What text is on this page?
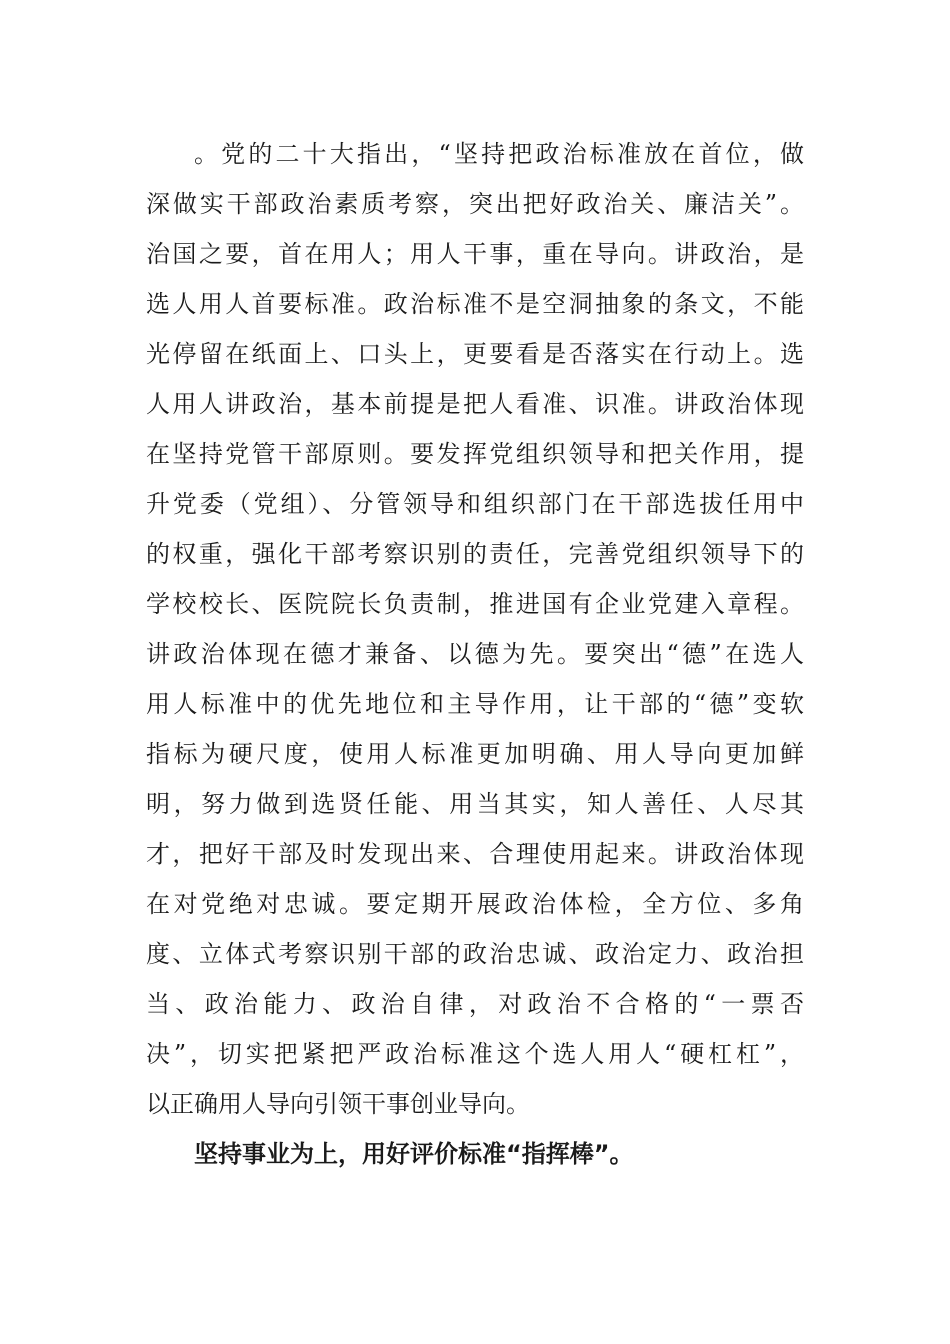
。党的二十大指出，“坚持把政治标准放在首位，做
深做实干部政治素质考察，突出把好政治关、廉洁关”。
治国之要，首在用人；用人干事，重在导向。讲政治，是
选人用人首要标准。政治标准不是空洞抽象的条文，不能
光停留在纸面上、口头上，更要看是否落实在行动上。选
人用人讲政治，基本前提是把人看准、识准。讲政治体现
在坚持党管干部原则。要发挥党组织领导和把关作用，提
升党委（党组）、分管领导和组织部门在干部选拔任用中
的权重，强化干部考察识别的责任，完善党组织领导下的
学校校长、医院院长负责制，推进国有企业党建入章程。
讲政治体现在德才兼备、以德为先。要突出“德”在选人
用人标准中的优先地位和主导作用，让干部的“德”变软
指标为硬尺度，使用人标准更加明确、用人导向更加鲜
明，努力做到选贤任能、用当其实，知人善任、人尽其
才，把好干部及时发现出来、合理使用起来。讲政治体现
在对党绝对忠诚。要定期开展政治体检，全方位、多角
度、立体式考察识别干部的政治忠诚、政治定力、政治担
当、政治能力、政治自律，对政治不合格的“一票否
决”，切实把紧把严政治标准这个选人用人“硬杠杠”，
以正确用人导向引领干事创业导向。
坚持事业为上，用好评价标准“指挥棒”。
